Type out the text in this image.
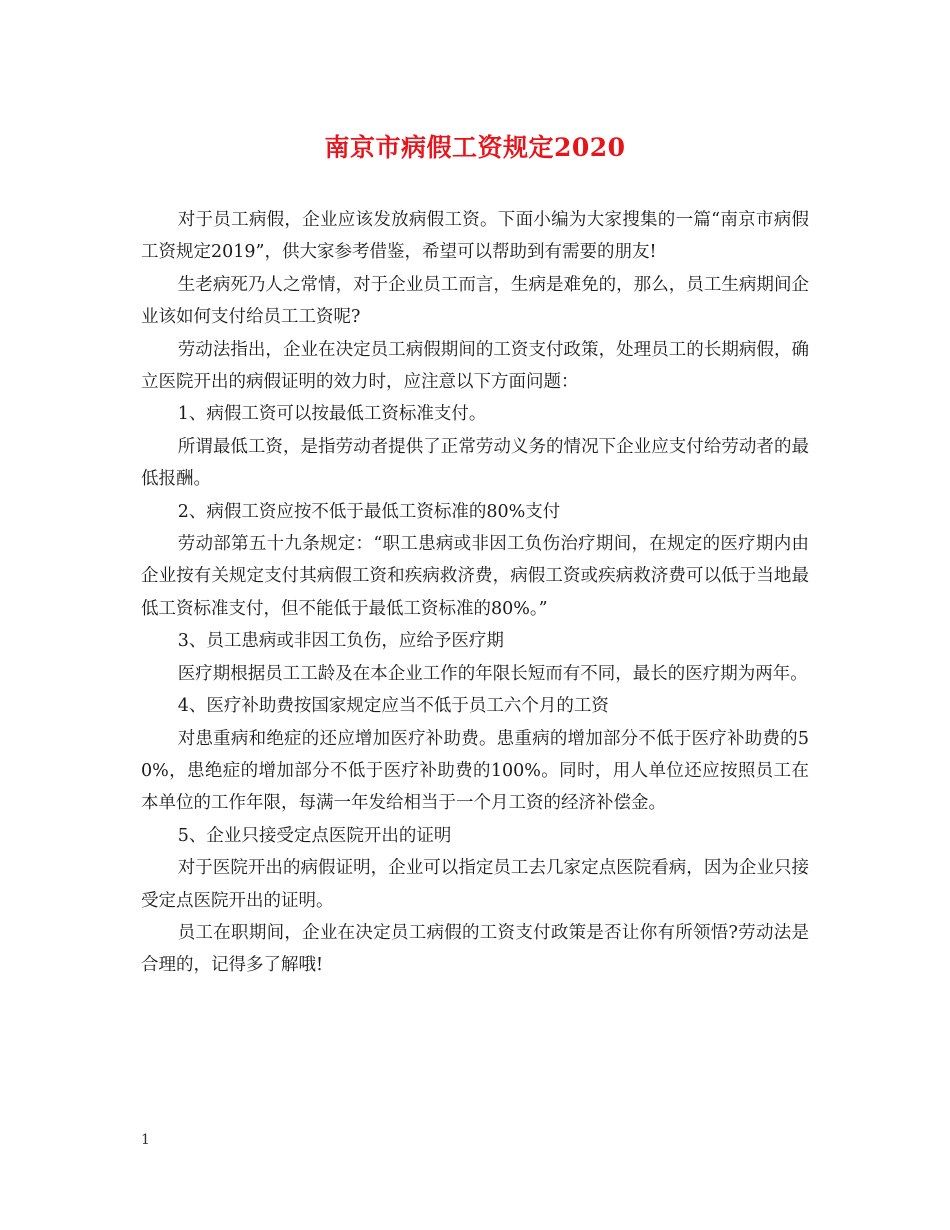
南京市病假工资规定2020

对于员工病假，企业应该发放病假工资。下面小编为大家搜集的一篇“南京市病假工资规定2019”，供大家参考借鉴，希望可以帮助到有需要的朋友!

生老病死乃人之常情，对于企业员工而言，生病是难免的，那么，员工生病期间企业该如何支付给员工工资呢?

劳动法指出，企业在决定员工病假期间的工资支付政策，处理员工的长期病假，确立医院开出的病假证明的效力时，应注意以下方面问题：

1、病假工资可以按最低工资标准支付。

所谓最低工资，是指劳动者提供了正常劳动义务的情况下企业应支付给劳动者的最低报酬。

2、病假工资应按不低于最低工资标准的80%支付

劳动部第五十九条规定：“职工患病或非因工负伤治疗期间，在规定的医疗期内由企业按有关规定支付其病假工资和疾病救济费，病假工资或疾病救济费可以低于当地最低工资标准支付，但不能低于最低工资标准的80%。”

3、员工患病或非因工负伤，应给予医疗期

医疗期根据员工工龄及在本企业工作的年限长短而有不同，最长的医疗期为两年。

4、医疗补助费按国家规定应当不低于员工六个月的工资

对患重病和绝症的还应增加医疗补助费。患重病的增加部分不低于医疗补助费的50%，患绝症的增加部分不低于医疗补助费的100%。同时，用人单位还应按照员工在本单位的工作年限，每满一年发给相当于一个月工资的经济补偿金。

5、企业只接受定点医院开出的证明

对于医院开出的病假证明，企业可以指定员工去几家定点医院看病，因为企业只接受定点医院开出的证明。

员工在职期间，企业在决定员工病假的工资支付政策是否让你有所领悟?劳动法是合理的，记得多了解哦!

1
